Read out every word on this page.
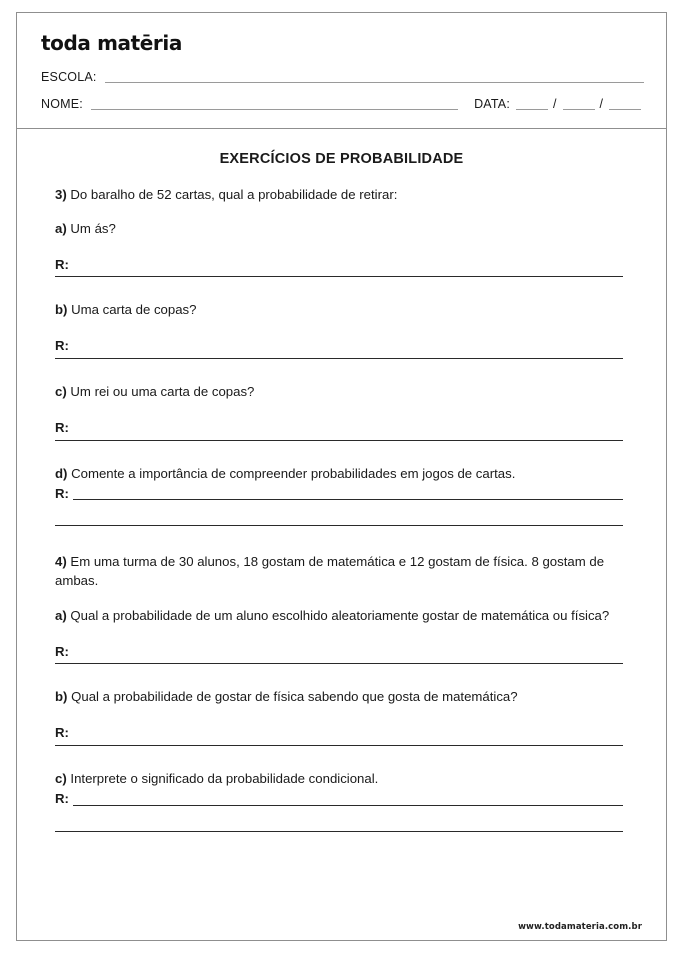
toda matēria
ESCOLA:
NOME:	DATA:	/	/
EXERCÍCIOS DE PROBABILIDADE

3) Do baralho de 52 cartas, qual a probabilidade de retirar:

a) Um ás?

R:

b) Uma carta de copas?

R:

c) Um rei ou uma carta de copas?

R:

d) Comente a importância de compreender probabilidades em jogos de cartas.

R:

4) Em uma turma de 30 alunos, 18 gostam de matemática e 12 gostam de física. 8 gostam de ambas.

a) Qual a probabilidade de um aluno escolhido aleatoriamente gostar de matemática ou física?

R:

b) Qual a probabilidade de gostar de física sabendo que gosta de matemática?

R:

c) Interprete o significado da probabilidade condicional.

R:
www.todamateria.com.br
